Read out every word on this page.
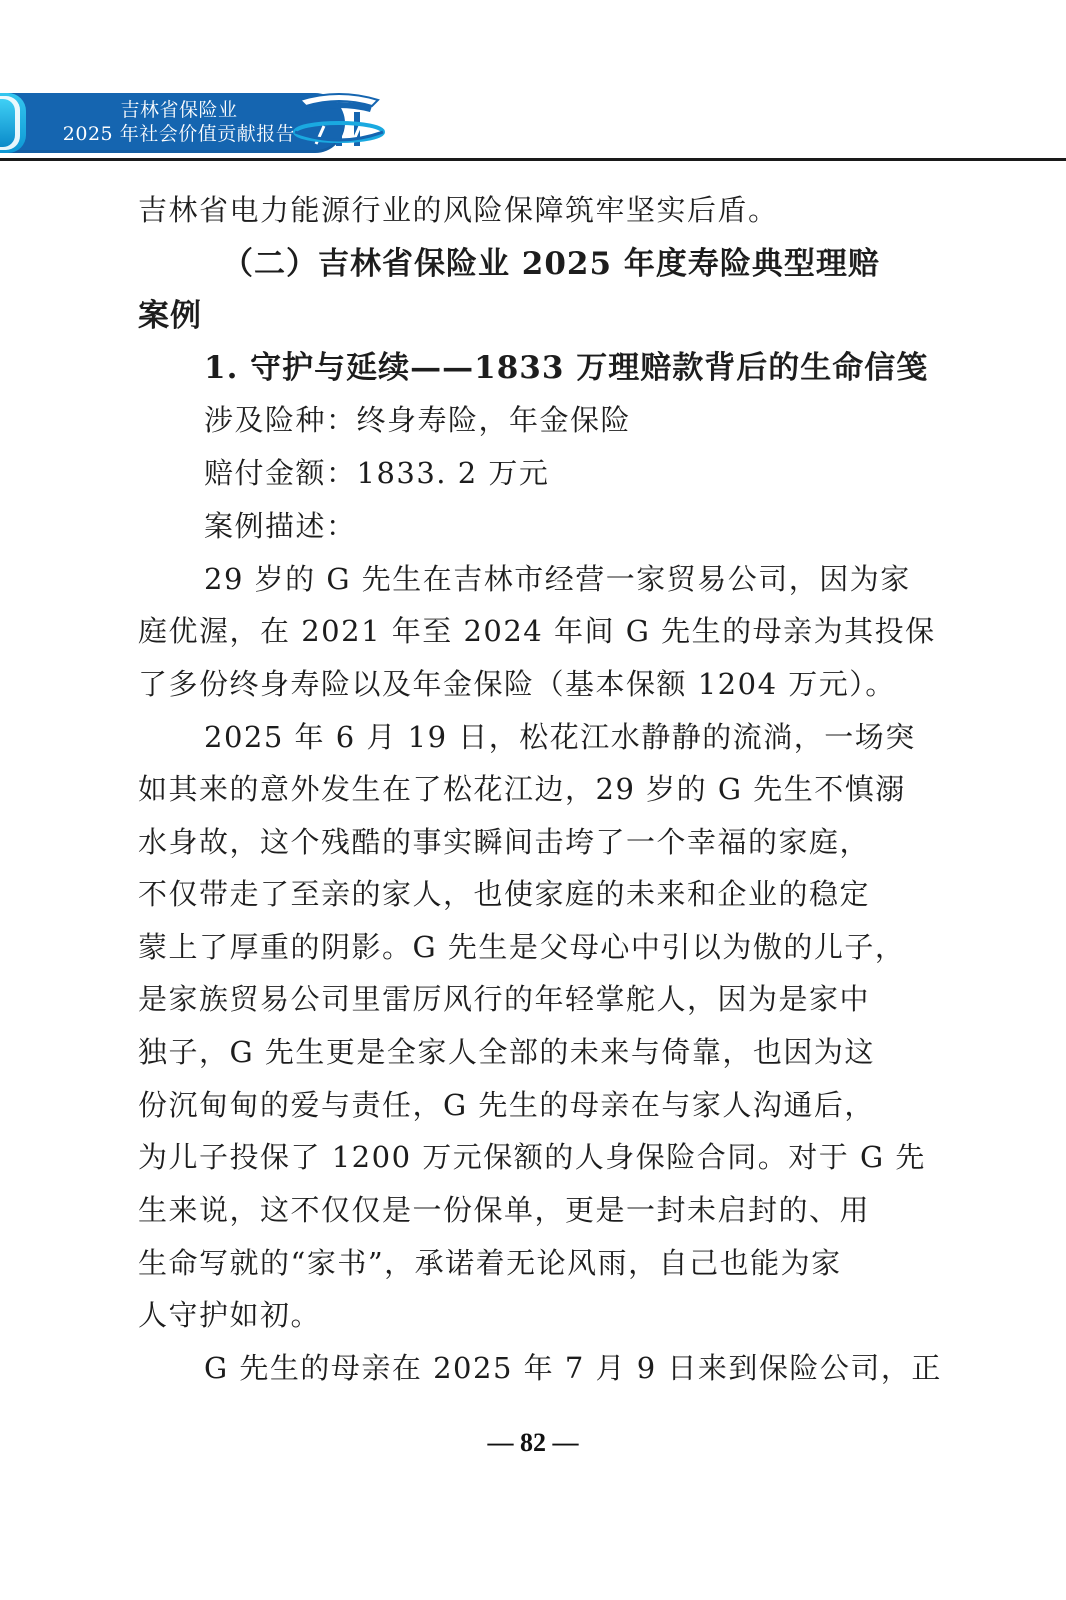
吉林省保险业
2025 年社会价值贡献报告
吉林省电力能源行业的风险保障筑牢坚实后盾。
（二）吉林省保险业 2025 年度寿险典型理赔
案例
1. 守护与延续——1833 万理赔款背后的生命信笺
涉及险种：终身寿险，年金保险
赔付金额：1833. 2 万元
案例描述：
29 岁的 G 先生在吉林市经营一家贸易公司，因为家
庭优渥，在 2021 年至 2024 年间 G 先生的母亲为其投保
了多份终身寿险以及年金保险（基本保额 1204 万元）。
2025 年 6 月 19 日，松花江水静静的流淌，一场突
如其来的意外发生在了松花江边，29 岁的 G 先生不慎溺
水身故，这个残酷的事实瞬间击垮了一个幸福的家庭，
不仅带走了至亲的家人，也使家庭的未来和企业的稳定
蒙上了厚重的阴影。G 先生是父母心中引以为傲的儿子，
是家族贸易公司里雷厉风行的年轻掌舵人，因为是家中
独子，G 先生更是全家人全部的未来与倚靠，也因为这
份沉甸甸的爱与责任，G 先生的母亲在与家人沟通后，
为儿子投保了 1200 万元保额的人身保险合同。对于 G 先
生来说，这不仅仅是一份保单，更是一封未启封的、用
生命写就的“家书”，承诺着无论风雨，自己也能为家
人守护如初。
G 先生的母亲在 2025 年 7 月 9 日来到保险公司，正
— 82 —
